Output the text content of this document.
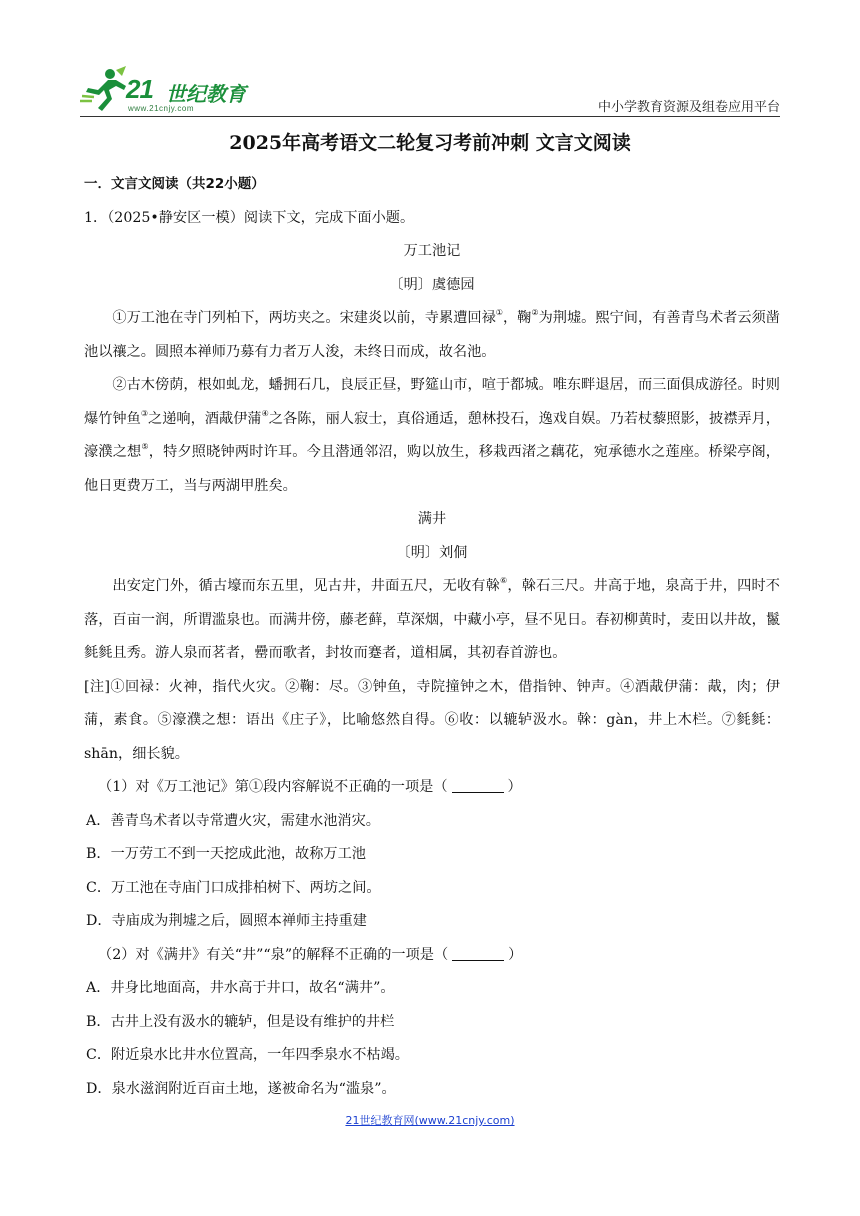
21 世纪教育
www.21cnjy.com	中小学教育资源及组卷应用平台
2025年高考语文二轮复习考前冲刺 文言文阅读

一．文言文阅读（共22小题）

1．（2025•静安区一模）阅读下文，完成下面小题。

万工池记

〔明〕虞德园

①万工池在寺门列柏下，两坊夹之。宋建炎以前，寺累遭回禄①，鞠②为荆墟。熙宁间，有善青鸟术者云须凿池以禳之。圆照本禅师乃募有力者万人浚，未终日而成，故名池。

②古木傍荫，根如虬龙，蟠拥石几，良辰正昼，野筵山市，喧于都城。唯东畔退居，而三面俱成游径。时则爆竹钟鱼③之递响，酒胾伊蒲④之各陈，丽人寂士，真俗通适，憩林投石，逸戏自娱。乃若杖藜照影，披襟弄月，濠濮之想⑤，特夕照晓钟两时许耳。今且潜通邻沼，购以放生，移栽西渚之藕花，宛承德水之莲座。桥梁亭阁，他日更费万工，当与两湖甲胜矣。

满井

〔明〕刘侗

出安定门外，循古壕而东五里，见古井，井面五尺，无收有榦⑥，榦石三尺。井高于地，泉高于井，四时不落，百亩一润，所谓滥泉也。而满井傍，藤老藓，草深烟，中藏小亭，昼不见日。春初柳黄时，麦田以井故，鬣毵毵且秀。游人泉而茗者，罍而歌者，封妆而蹇者，道相属，其初春首游也。

[注]①回禄：火神，指代火灾。②鞠：尽。③钟鱼，寺院撞钟之木，借指钟、钟声。④酒胾伊蒲：胾，肉；伊蒲，素食。⑤濠濮之想：语出《庄子》，比喻悠然自得。⑥收：以辘轳汲水。榦：gàn，井上木栏。⑦毵毵：shān，细长貌。

（1）对《万工池记》第①段内容解说不正确的一项是（	）

A．善青鸟术者以寺常遭火灾，需建水池消灾。

B．一万劳工不到一天挖成此池，故称万工池

C．万工池在寺庙门口成排柏树下、两坊之间。

D．寺庙成为荆墟之后，圆照本禅师主持重建

（2）对《满井》有关“井”“泉”的解释不正确的一项是（	）

A．井身比地面高，井水高于井口，故名“满井”。

B．古井上没有汲水的辘轳，但是设有维护的井栏

C．附近泉水比井水位置高，一年四季泉水不枯竭。

D．泉水滋润附近百亩土地，遂被命名为“滥泉”。

21世纪教育网(www.21cnjy.com)
